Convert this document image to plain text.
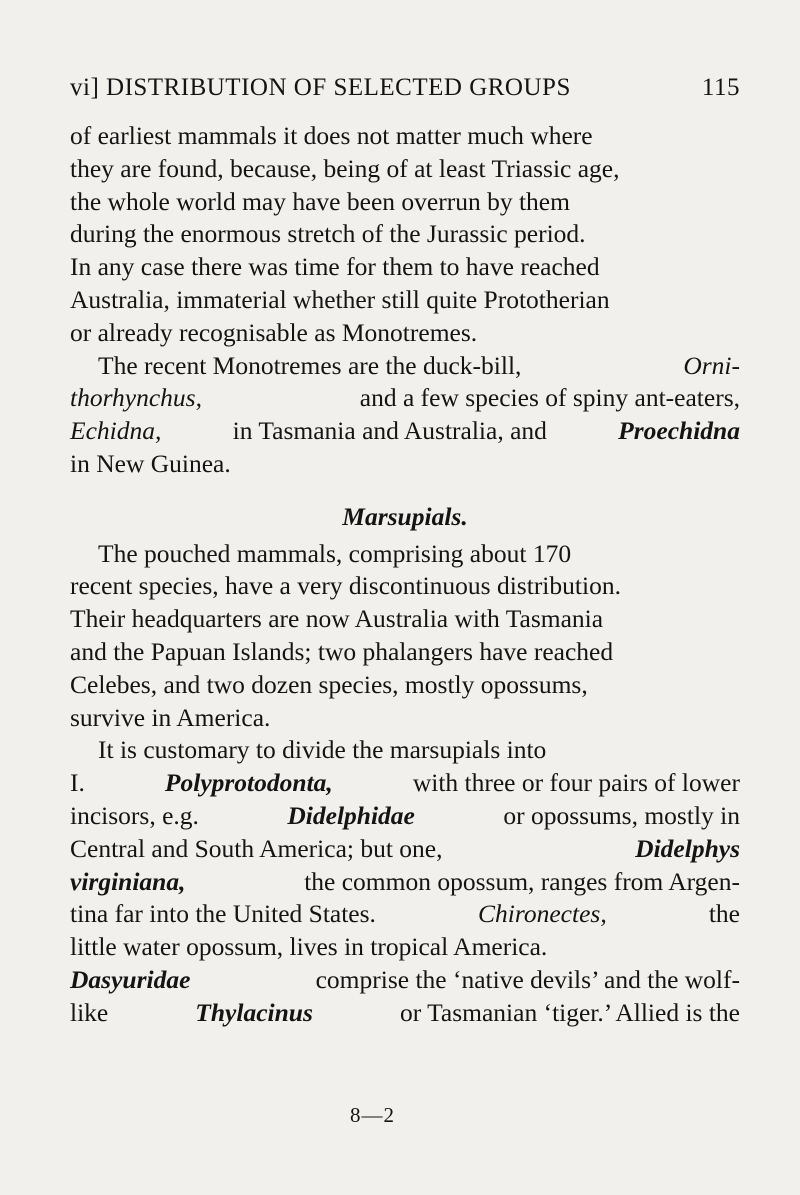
vi] DISTRIBUTION OF SELECTED GROUPS	115
of earliest mammals it does not matter much where
they are found, because, being of at least Triassic age,
the whole world may have been overrun by them
during the enormous stretch of the Jurassic period.
In any case there was time for them to have reached
Australia, immaterial whether still quite Prototherian
or already recognisable as Monotremes.
The recent Monotremes are the duck-bill,	Orni-
thorhynchus,	and a few species of spiny ant-eaters,
Echidna,	in Tasmania and Australia, and	Proechidna
in New Guinea.
Marsupials.
The pouched mammals, comprising about 170
recent species, have a very discontinuous distribution.
Their headquarters are now Australia with Tasmania
and the Papuan Islands; two phalangers have reached
Celebes, and two dozen species, mostly opossums,
survive in America.
It is customary to divide the marsupials into
I.	Polyprotodonta,	with three or four pairs of lower
incisors, e.g.	Didelphidae	or opossums, mostly in
Central and South America; but one,	Didelphys
virginiana,	the common opossum, ranges from Argen-
tina far into the United States.	Chironectes,	the
little water opossum, lives in tropical America.
Dasyuridae	comprise the ‘native devils’ and the wolf-
like	Thylacinus	or Tasmanian ‘tiger.’ Allied is the
8—2
